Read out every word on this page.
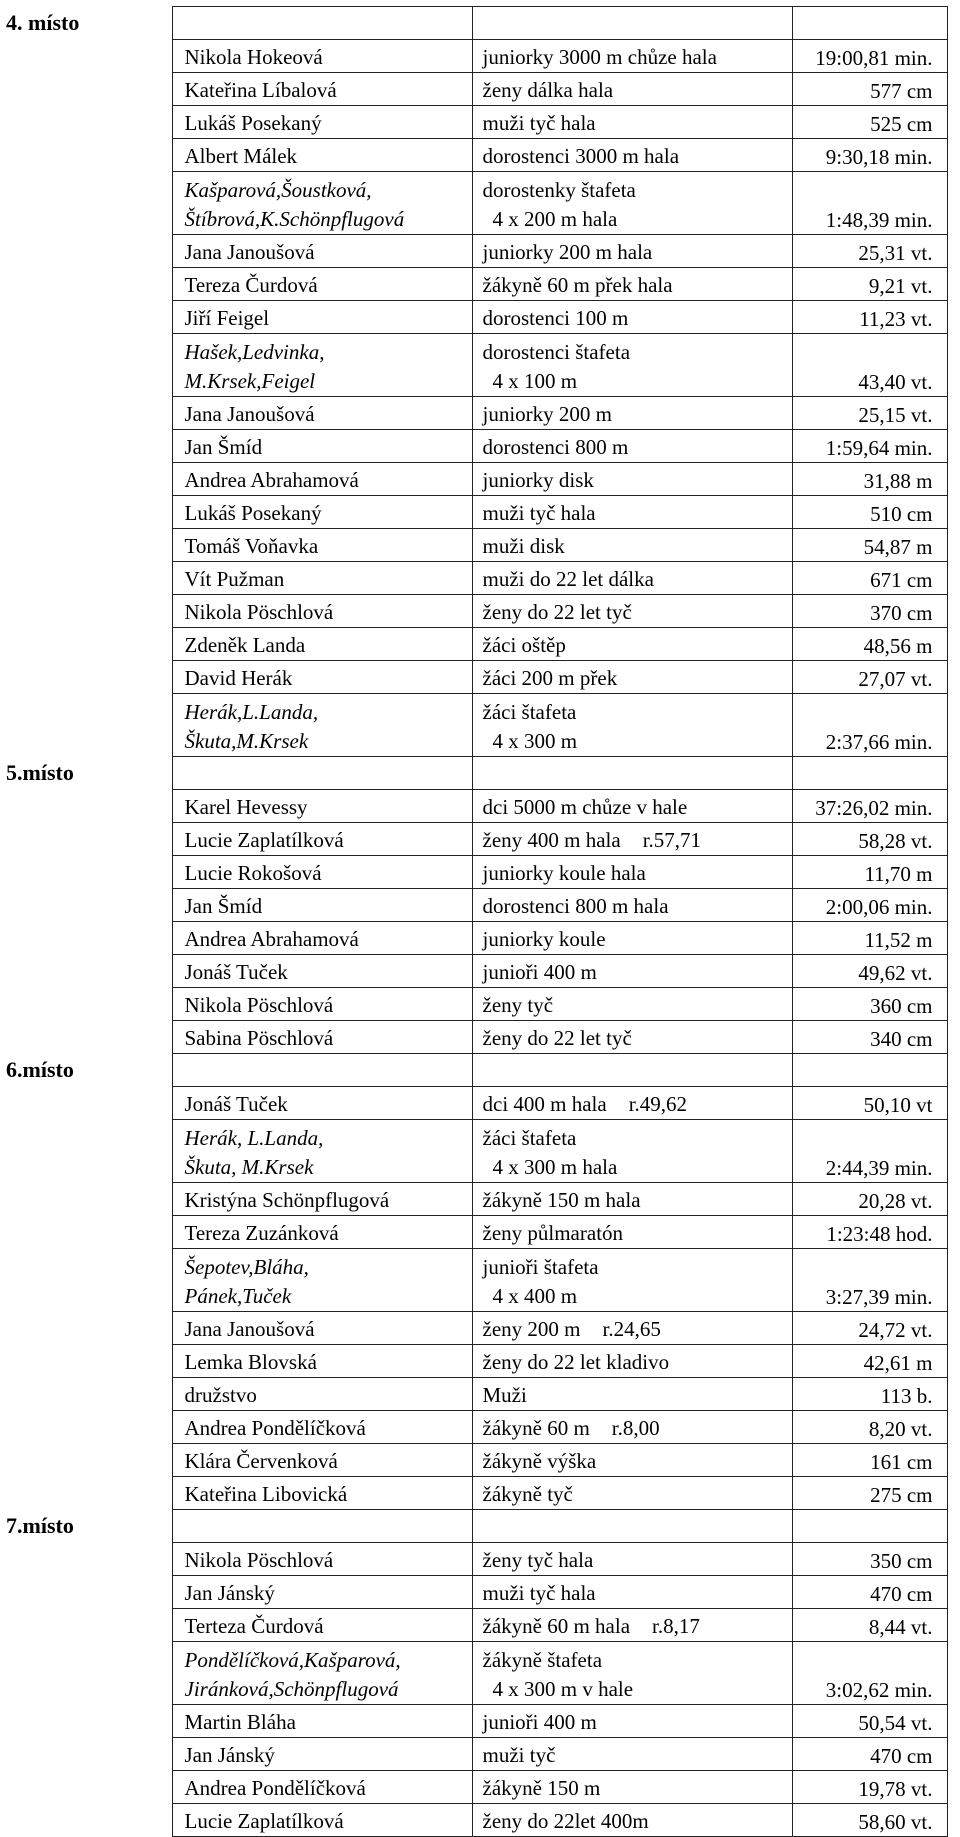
4. místo			

	Nikola Hokeová	juniorky 3000 m chůze hala	19:00,81 min.

	Kateřina Líbalová	ženy dálka hala	577 cm

	Lukáš Posekaný	muži tyč hala	525 cm

	Albert Málek	dorostenci 3000 m hala	9:30,18 min.

	Kašparová,Šoustková,
Štíbrová,K.Schönpflugová	dorostenky štafeta
4 x 200 m hala	1:48,39 min.

	Jana Janoušová	juniorky 200 m hala	25,31 vt.

	Tereza Čurdová	žákyně 60 m přek hala	9,21 vt.

	Jiří Feigel	dorostenci 100 m	11,23 vt.

	Hašek,Ledvinka,
M.Krsek,Feigel	dorostenci štafeta
4 x 100 m	43,40 vt.

	Jana Janoušová	juniorky 200 m	25,15 vt.

	Jan Šmíd	dorostenci 800 m	1:59,64 min.

	Andrea Abrahamová	juniorky disk	31,88 m

	Lukáš Posekaný	muži tyč hala	510 cm

	Tomáš Voňavka	muži disk	54,87 m

	Vít Pužman	muži do 22 let dálka	671 cm

	Nikola Pöschlová	ženy do 22 let tyč	370 cm

	Zdeněk Landa	žáci oštěp	48,56 m

	David Herák	žáci 200 m přek	27,07 vt.

	Herák,L.Landa,
Škuta,M.Krsek	žáci štafeta
4 x 300 m	2:37,66 min.
5.místo			

	Karel Hevessy	dci 5000 m chůze v hale	37:26,02 min.

	Lucie Zaplatílková	ženy 400 m hala r.57,71	58,28 vt.

	Lucie Rokošová	juniorky koule hala	11,70 m

	Jan Šmíd	dorostenci 800 m hala	2:00,06 min.

	Andrea Abrahamová	juniorky koule	11,52 m

	Jonáš Tuček	junioři 400 m	49,62 vt.

	Nikola Pöschlová	ženy tyč	360 cm

	Sabina Pöschlová	ženy do 22 let tyč	340 cm
6.místo			

	Jonáš Tuček	dci 400 m hala r.49,62	50,10 vt

	Herák, L.Landa,
Škuta, M.Krsek	žáci štafeta
4 x 300 m hala	2:44,39 min.

	Kristýna Schönpflugová	žákyně 150 m hala	20,28 vt.

	Tereza Zuzánková	ženy půlmaratón	1:23:48 hod.

	Šepotev,Bláha,
Pánek,Tuček	junioři štafeta
4 x 400 m	3:27,39 min.

	Jana Janoušová	ženy 200 m r.24,65	24,72 vt.

	Lemka Blovská	ženy do 22 let kladivo	42,61 m

	družstvo	Muži	113 b.

	Andrea Pondělíčková	žákyně 60 m r.8,00	8,20 vt.

	Klára Červenková	žákyně výška	161 cm

	Kateřina Libovická	žákyně tyč	275 cm
7.místo			

	Nikola Pöschlová	ženy tyč hala	350 cm

	Jan Jánský	muži tyč hala	470 cm

	Terteza Čurdová	žákyně 60 m hala r.8,17	8,44 vt.

	Pondělíčková,Kašparová,
Jiránková,Schönpflugová	žákyně štafeta
4 x 300 m v hale	3:02,62 min.

	Martin Bláha	junioři 400 m	50,54 vt.

	Jan Jánský	muži tyč	470 cm

	Andrea Pondělíčková	žákyně 150 m	19,78 vt.

	Lucie Zaplatílková	ženy do 22let 400m	58,60 vt.
